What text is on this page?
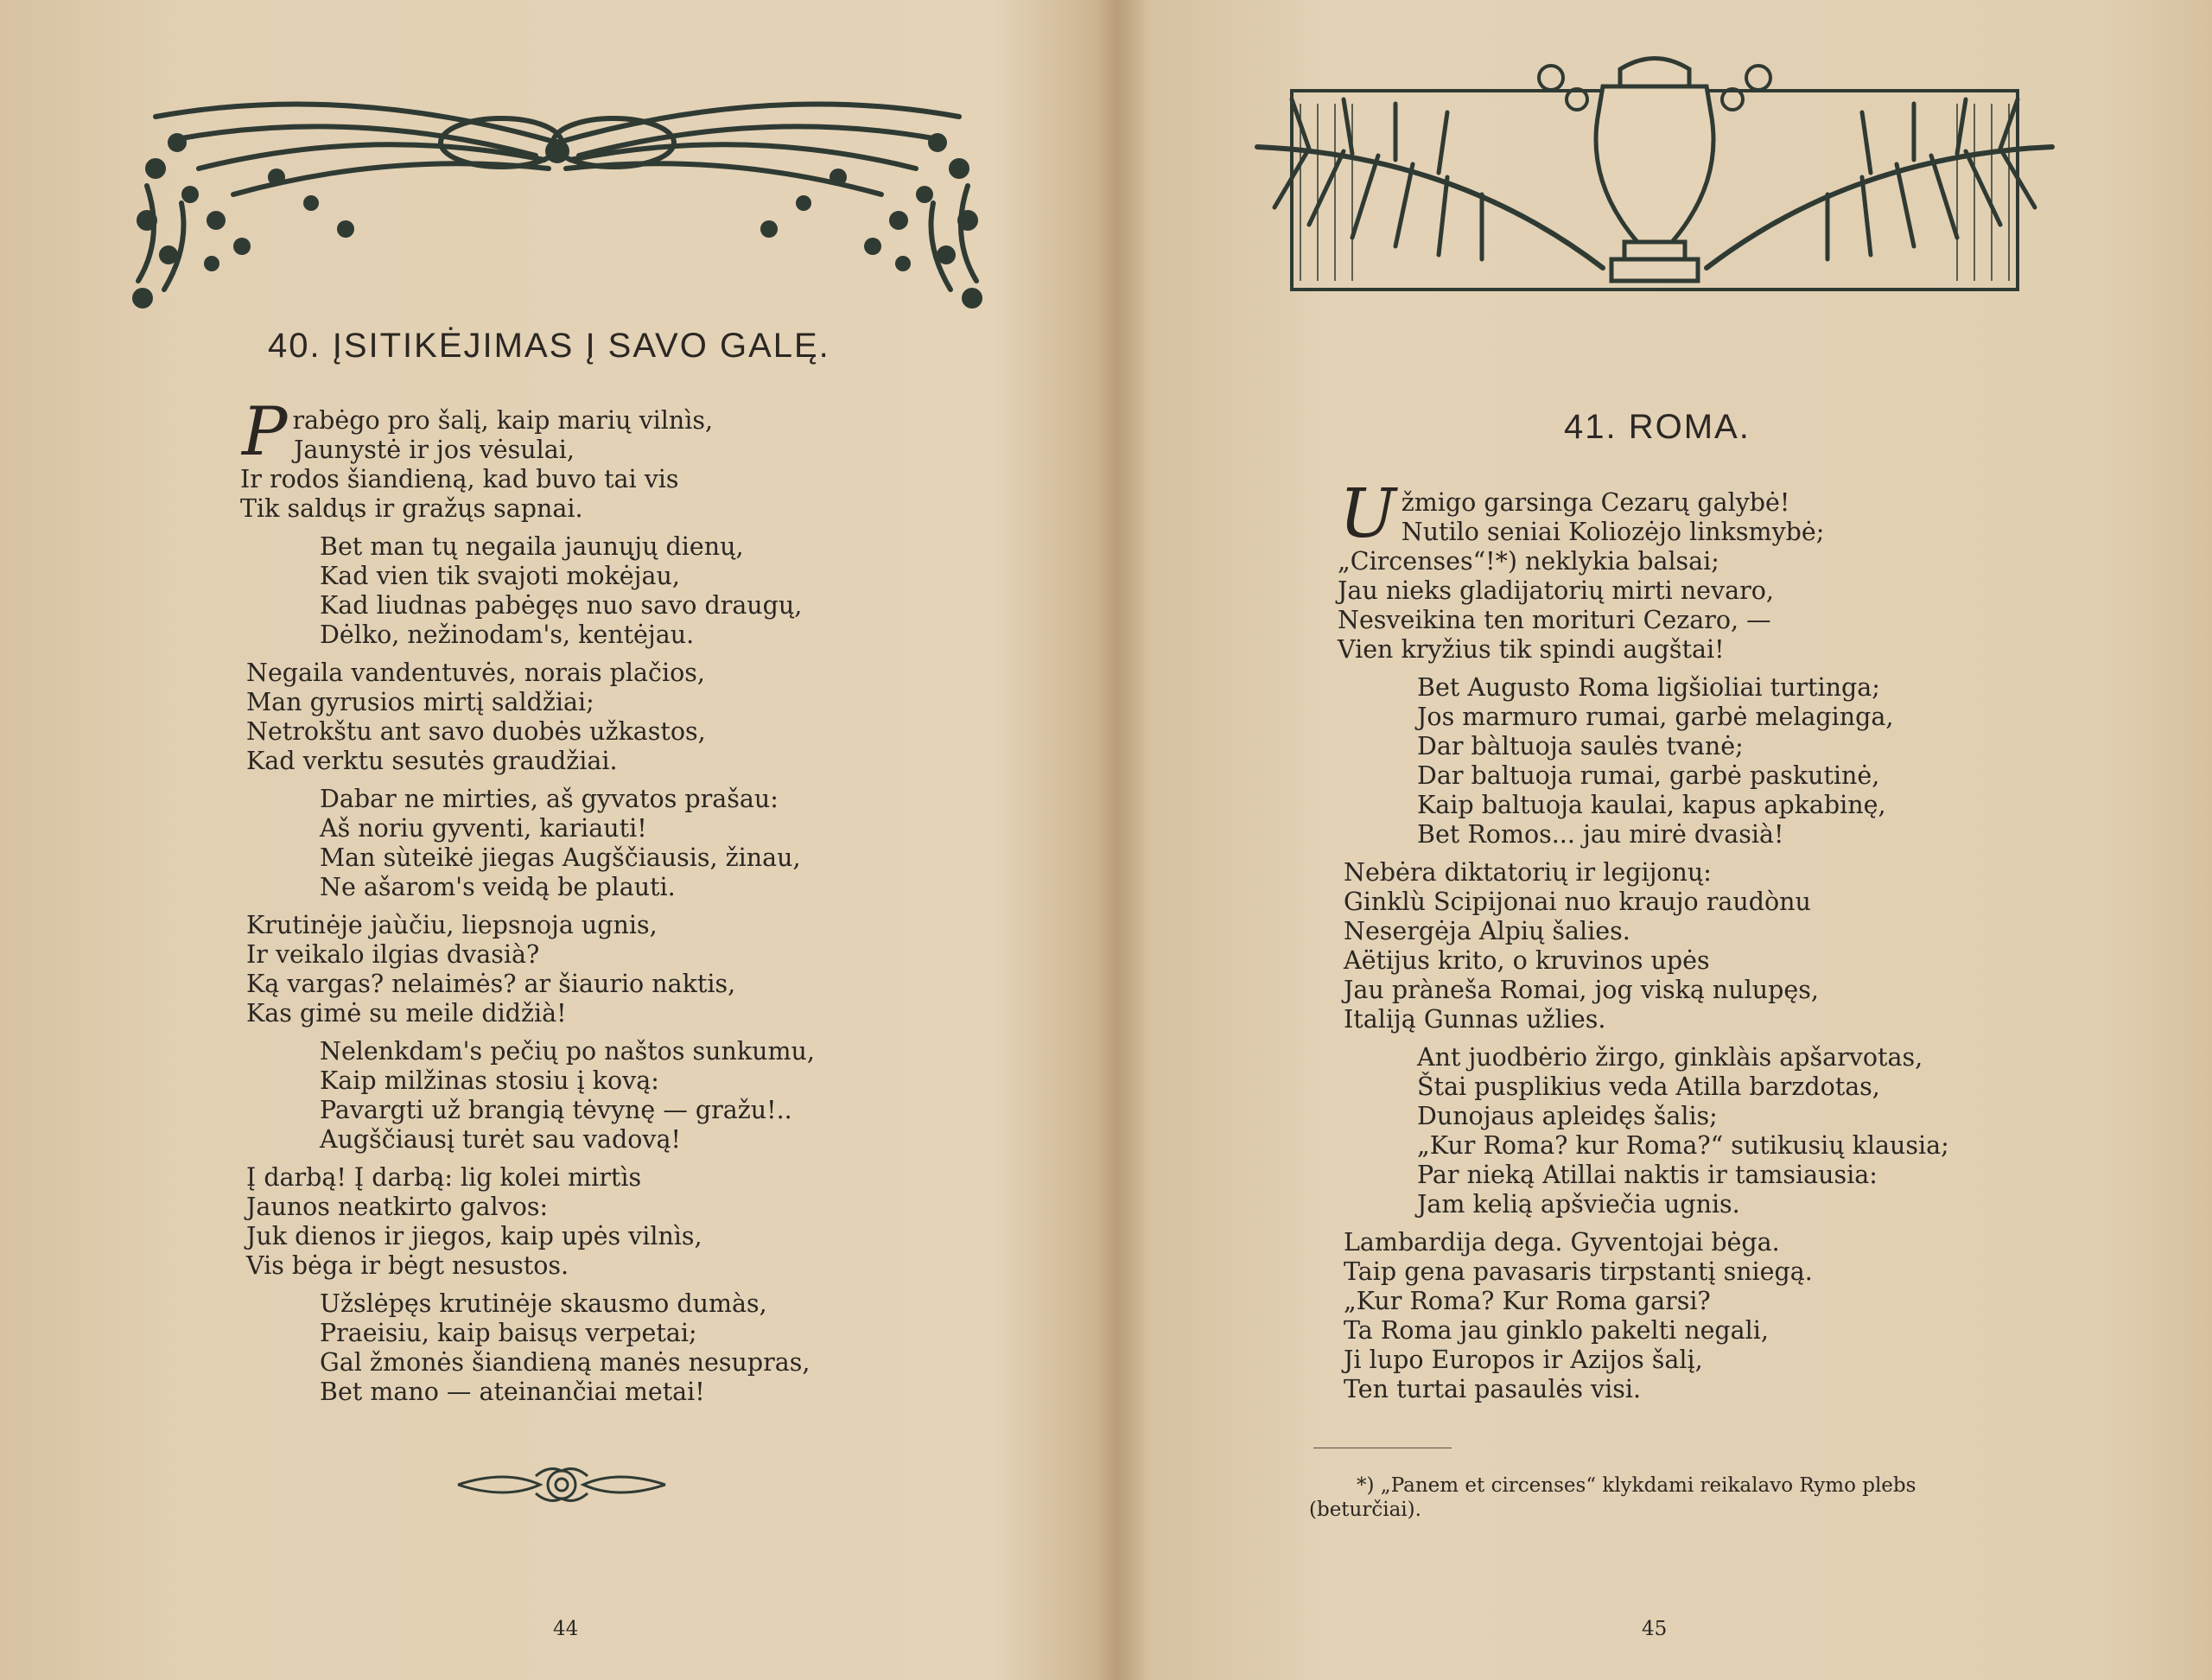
40. ĮSITIKĖJIMAS Į SAVO GALĘ.
P rabėgo pro šalį, kaip marių vilnìs,
Jaunystė ir jos vėsulai,
Ir rodos šiandieną, kad buvo tai vis
Tik saldųs ir gražųs sapnai.
Bet man tų negaila jaunųjų dienų,
Kad vien tik svajoti mokėjau,
Kad liudnas pabėgęs nuo savo draugų,
Dėlko, nežinodam's, kentėjau.
Negaila vandentuvės, norais plačios,
Man gyrusios mirtį saldžiai;
Netrokštu ant savo duobės užkastos,
Kad verktu sesutės graudžiai.
Dabar ne mirties, aš gyvatos prašau:
Aš noriu gyventi, kariauti!
Man sùteikė jiegas Augščiausis, žinau,
Ne ašarom's veidą be plauti.
Krutinėje jaùčiu, liepsnoja ugnis,
Ir veikalo ilgias dvasià?
Ką vargas? nelaimės? ar šiaurio naktis,
Kas gimė su meile didžià!
Nelenkdam's pečių po naštos sunkumu,
Kaip milžinas stosiu į kovą:
Pavargti už brangią tėvynę — gražu!..
Augščiausį turėt sau vadovą!
Į darbą! Į darbą: lig kolei mirtìs
Jaunos neatkirto galvos:
Juk dienos ir jiegos, kaip upės vilnìs,
Vis bėga ir bėgt nesustos.
Užslėpęs krutinėje skausmo dumàs,
Praeisiu, kaip baisųs verpetai;
Gal žmonės šiandieną manės nesupras,
Bet mano — ateinančiai metai!
44
41. ROMA.
U žmigo garsinga Cezarų galybė!
Nutilo seniai Koliozėjo linksmybė;
„Circenses“!*) neklykia balsai;
Jau nieks gladijatorių mirti nevaro,
Nesveikina ten morituri Cezaro, —
Vien kryžius tik spindi augštai!
Bet Augusto Roma ligšioliai turtinga;
Jos marmuro rumai, garbė melaginga,
Dar bàltuoja saulės tvanė;
Dar baltuoja rumai, garbė paskutinė,
Kaip baltuoja kaulai, kapus apkabinę,
Bet Romos... jau mirė dvasià!
Nebėra diktatorių ir legijonų:
Ginklù Scipijonai nuo kraujo raudònu
Nesergėja Alpių šalies.
Aëtijus krito, o kruvinos upės
Jau pràneša Romai, jog viską nulupęs,
Italiją Gunnas užlies.
Ant juodbėrio žirgo, ginklàis apšarvotas,
Štai pusplikius veda Atilla barzdotas,
Dunojaus apleidęs šalis;
„Kur Roma? kur Roma?“ sutikusių klausia;
Par nieką Atillai naktis ir tamsiausia:
Jam kelią apšviečia ugnis.
Lambardija dega. Gyventojai bėga.
Taip gena pavasaris tirpstantį sniegą.
„Kur Roma? Kur Roma garsi?
Ta Roma jau ginklo pakelti negali,
Ji lupo Europos ir Azijos šalį,
Ten turtai pasaulės visi.
*) „Panem et circenses“ klykdami reikalavo Rymo plebs
(beturčiai).
45
